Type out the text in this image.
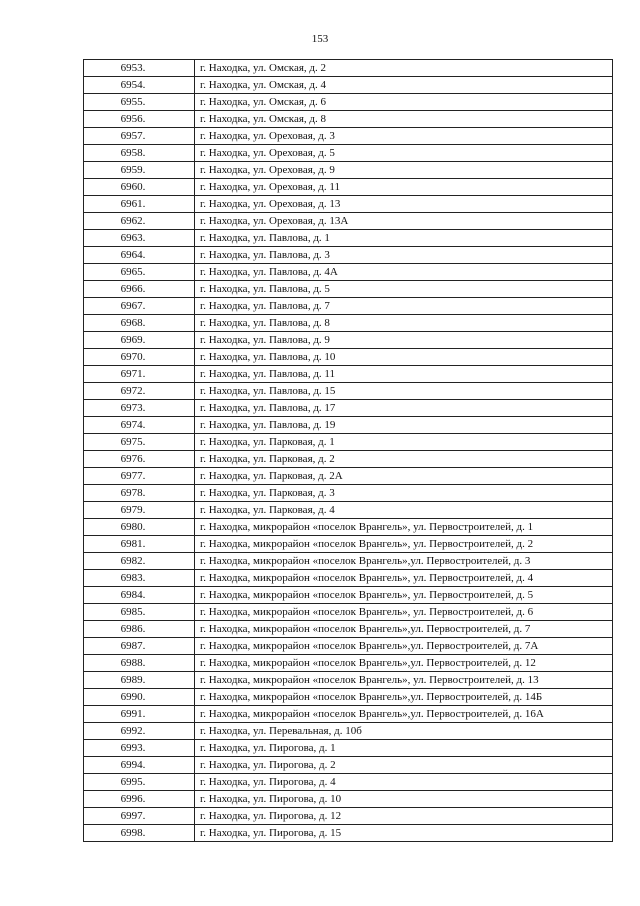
153
6953.	г. Находка, ул. Омская, д. 2
6954.	г. Находка, ул. Омская, д. 4
6955.	г. Находка, ул. Омская, д. 6
6956.	г. Находка, ул. Омская, д. 8
6957.	г. Находка, ул. Ореховая, д. 3
6958.	г. Находка, ул. Ореховая, д. 5
6959.	г. Находка, ул. Ореховая, д. 9
6960.	г. Находка, ул. Ореховая, д. 11
6961.	г. Находка, ул. Ореховая, д. 13
6962.	г. Находка, ул. Ореховая, д. 13А
6963.	г. Находка, ул. Павлова, д. 1
6964.	г. Находка, ул. Павлова, д. 3
6965.	г. Находка, ул. Павлова, д. 4А
6966.	г. Находка, ул. Павлова, д. 5
6967.	г. Находка, ул. Павлова, д. 7
6968.	г. Находка, ул. Павлова, д. 8
6969.	г. Находка, ул. Павлова, д. 9
6970.	г. Находка, ул. Павлова, д. 10
6971.	г. Находка, ул. Павлова, д. 11
6972.	г. Находка, ул. Павлова, д. 15
6973.	г. Находка, ул. Павлова, д. 17
6974.	г. Находка, ул. Павлова, д. 19
6975.	г. Находка, ул. Парковая, д. 1
6976.	г. Находка, ул. Парковая, д. 2
6977.	г. Находка, ул. Парковая, д. 2А
6978.	г. Находка, ул. Парковая, д. 3
6979.	г. Находка, ул. Парковая, д. 4
6980.	г. Находка, микрорайон «поселок Врангель», ул. Первостроителей, д. 1
6981.	г. Находка, микрорайон «поселок Врангель», ул. Первостроителей, д. 2
6982.	г. Находка, микрорайон «поселок Врангель»,ул. Первостроителей, д. 3
6983.	г. Находка, микрорайон «поселок Врангель», ул. Первостроителей, д. 4
6984.	г. Находка, микрорайон «поселок Врангель», ул. Первостроителей, д. 5
6985.	г. Находка, микрорайон «поселок Врангель», ул. Первостроителей, д. 6
6986.	г. Находка, микрорайон «поселок Врангель»,ул. Первостроителей, д. 7
6987.	г. Находка, микрорайон «поселок Врангель»,ул. Первостроителей, д. 7А
6988.	г. Находка, микрорайон «поселок Врангель»,ул. Первостроителей, д. 12
6989.	г. Находка, микрорайон «поселок Врангель», ул. Первостроителей, д. 13
6990.	г. Находка, микрорайон «поселок Врангель»,ул. Первостроителей, д. 14Б
6991.	г. Находка, микрорайон «поселок Врангель»,ул. Первостроителей, д. 16А
6992.	г. Находка, ул. Перевальная, д. 10б
6993.	г. Находка, ул. Пирогова, д. 1
6994.	г. Находка, ул. Пирогова, д. 2
6995.	г. Находка, ул. Пирогова, д. 4
6996.	г. Находка, ул. Пирогова, д. 10
6997.	г. Находка, ул. Пирогова, д. 12
6998.	г. Находка, ул. Пирогова, д. 15
